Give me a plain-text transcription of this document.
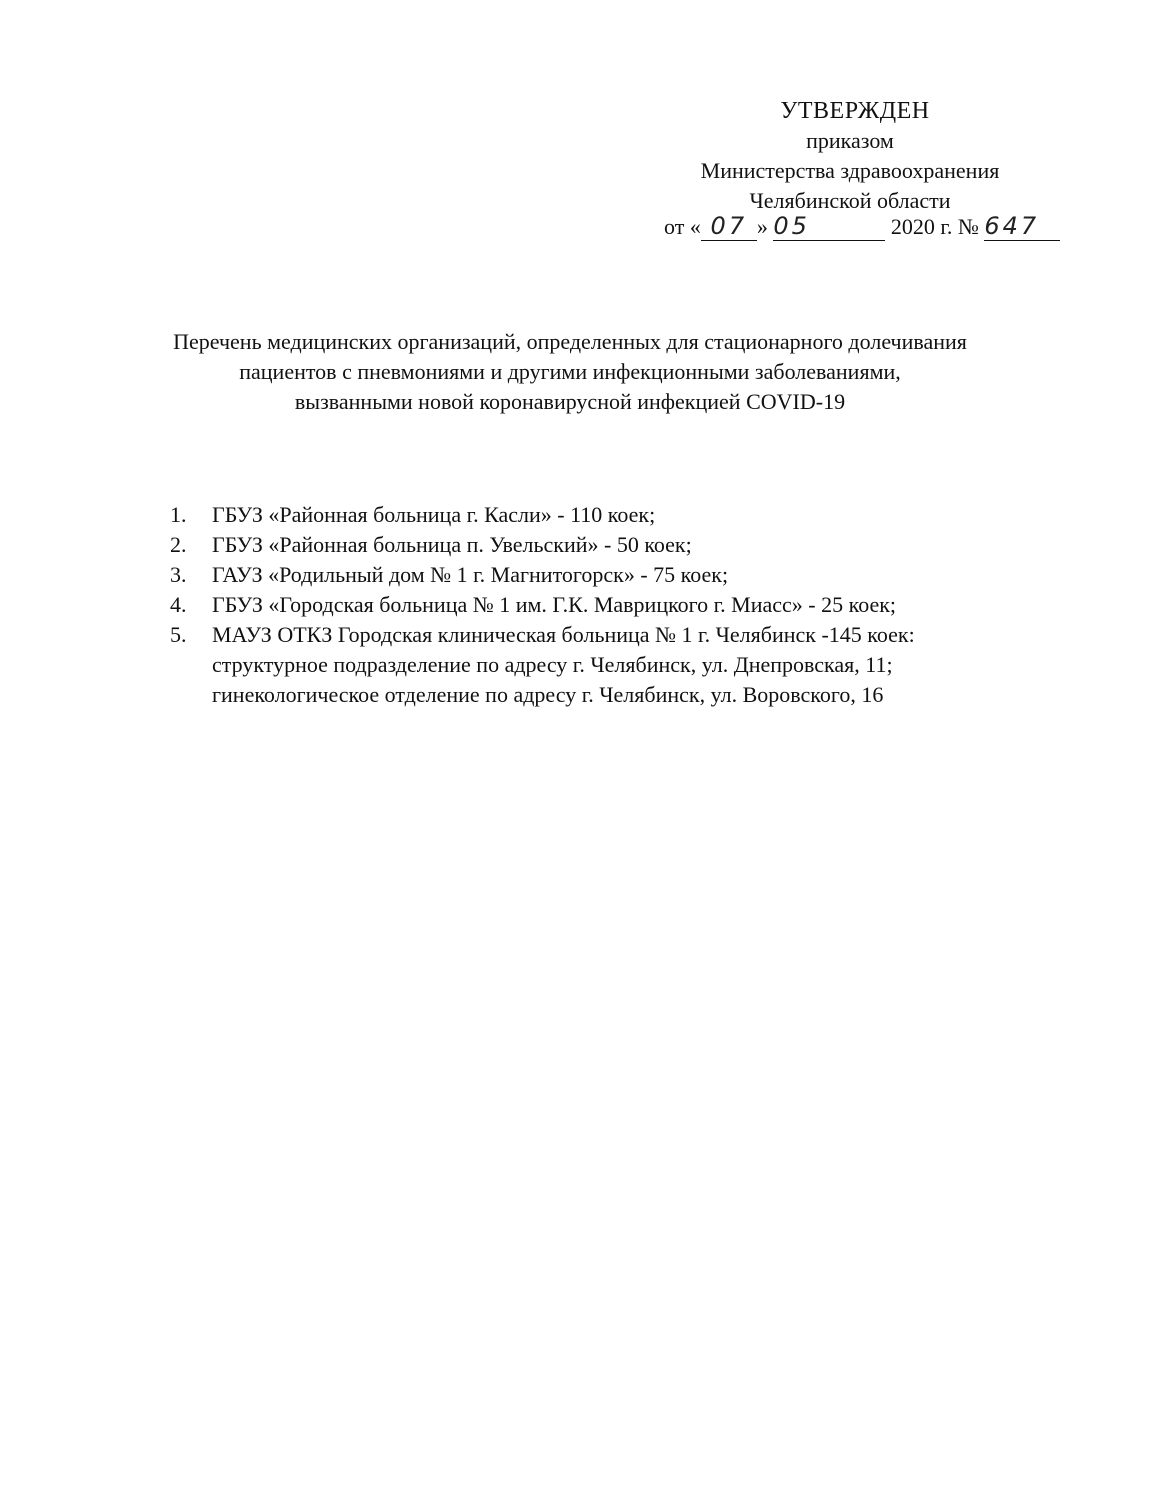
УТВЕРЖДЕН
приказом
Министерства здравоохранения
Челябинской области
от « 07 » 05	2020 г. № 647
Перечень медицинских организаций, определенных для стационарного долечивания
пациентов с пневмониями и другими инфекционными заболеваниями,
вызванными новой коронавирусной инфекцией COVID-19
1. ГБУЗ «Районная больница г. Касли» - 110 коек;
2. ГБУЗ «Районная больница п. Увельский» - 50 коек;
3. ГАУЗ «Родильный дом № 1 г. Магнитогорск» - 75 коек;
4. ГБУЗ «Городская больница № 1 им. Г.К. Маврицкого г. Миасс» - 25 коек;
5. МАУЗ ОТКЗ Городская клиническая больница № 1 г. Челябинск -145 коек:
структурное подразделение по адресу г. Челябинск, ул. Днепровская, 11;
гинекологическое отделение по адресу г. Челябинск, ул. Воровского, 16
